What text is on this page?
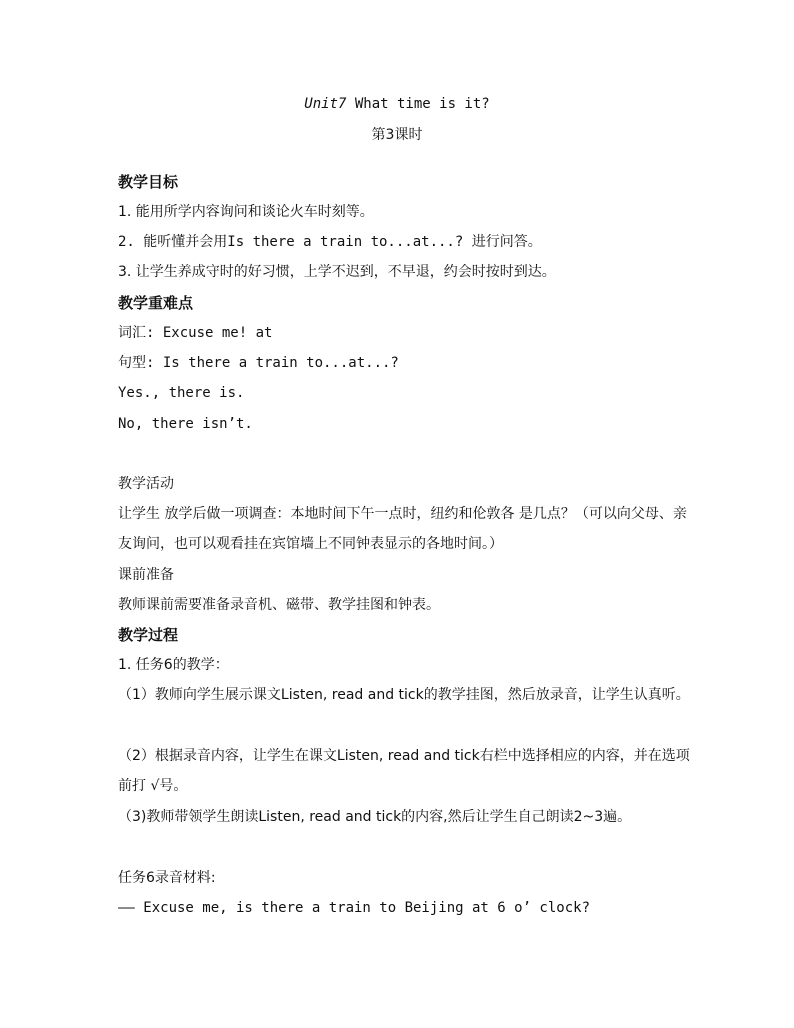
Unit7 What time is it?
第3课时
教学目标
1. 能用所学内容询问和谈论火车时刻等。
2. 能听懂并会用Is there a train to...at...? 进行问答。
3. 让学生养成守时的好习惯，上学不迟到，不早退，约会时按时到达。
教学重难点
词汇: Excuse me! at
句型: Is there a train to...at...?
Yes., there is.
No, there isn’t.
教学活动
让学生 放学后做一项调查：本地时间下午一点时，纽约和伦敦各 是几点？（可以向父母、亲友询问，也可以观看挂在宾馆墙上不同钟表显示的各地时间。）
课前准备
教师课前需要准备录音机、磁带、教学挂图和钟表。
教学过程
1. 任务6的教学：
（1）教师向学生展示课文Listen, read and tick的教学挂图，然后放录音，让学生认真听。
（2）根据录音内容，让学生在课文Listen, read and tick右栏中选择相应的内容，并在选项前打 √号。
（3)教师带领学生朗读Listen, read and tick的内容,然后让学生自己朗读2~3遍。
任务6录音材料:
—— Excuse me, is there a train to Beijing at 6 o’ clock?
